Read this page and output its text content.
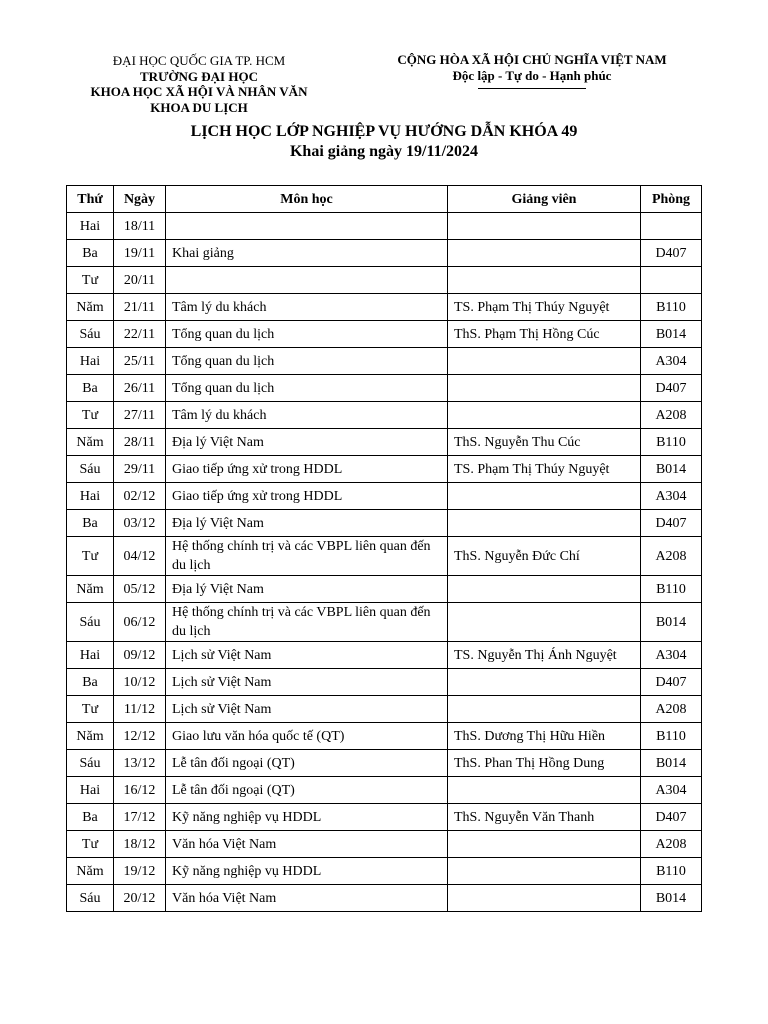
ĐẠI HỌC QUỐC GIA TP. HCM
TRƯỜNG ĐẠI HỌC
KHOA HỌC XÃ HỘI VÀ NHÂN VĂN
KHOA DU LỊCH
CỘNG HÒA XÃ HỘI CHỦ NGHĨA VIỆT NAM
Độc lập - Tự do - Hạnh phúc
LỊCH HỌC LỚP NGHIỆP VỤ HƯỚNG DẪN KHÓA 49
Khai giảng ngày 19/11/2024
Thứ	Ngày	Môn học	Giảng viên	Phòng
Hai	18/11			
Ba	19/11	Khai giảng		D407
Tư	20/11			
Năm	21/11	Tâm lý du khách	TS. Phạm Thị Thúy Nguyệt	B110
Sáu	22/11	Tổng quan du lịch	ThS. Phạm Thị Hồng Cúc	B014
Hai	25/11	Tổng quan du lịch		A304
Ba	26/11	Tổng quan du lịch		D407
Tư	27/11	Tâm lý du khách		A208
Năm	28/11	Địa lý Việt Nam	ThS. Nguyễn Thu Cúc	B110
Sáu	29/11	Giao tiếp ứng xử trong HDDL	TS. Phạm Thị Thúy Nguyệt	B014
Hai	02/12	Giao tiếp ứng xử trong HDDL		A304
Ba	03/12	Địa lý Việt Nam		D407
Tư	04/12	Hệ thống chính trị và các VBPL liên quan đến du lịch	ThS. Nguyễn Đức Chí	A208
Năm	05/12	Địa lý Việt Nam		B110
Sáu	06/12	Hệ thống chính trị và các VBPL liên quan đến du lịch		B014
Hai	09/12	Lịch sử Việt Nam	TS. Nguyễn Thị Ánh Nguyệt	A304
Ba	10/12	Lịch sử Việt Nam		D407
Tư	11/12	Lịch sử Việt Nam		A208
Năm	12/12	Giao lưu văn hóa quốc tế (QT)	ThS. Dương Thị Hữu Hiền	B110
Sáu	13/12	Lễ tân đối ngoại (QT)	ThS. Phan Thị Hồng Dung	B014
Hai	16/12	Lễ tân đối ngoại (QT)		A304
Ba	17/12	Kỹ năng nghiệp vụ HDDL	ThS. Nguyễn Văn Thanh	D407
Tư	18/12	Văn hóa Việt Nam		A208
Năm	19/12	Kỹ năng nghiệp vụ HDDL		B110
Sáu	20/12	Văn hóa Việt Nam		B014
